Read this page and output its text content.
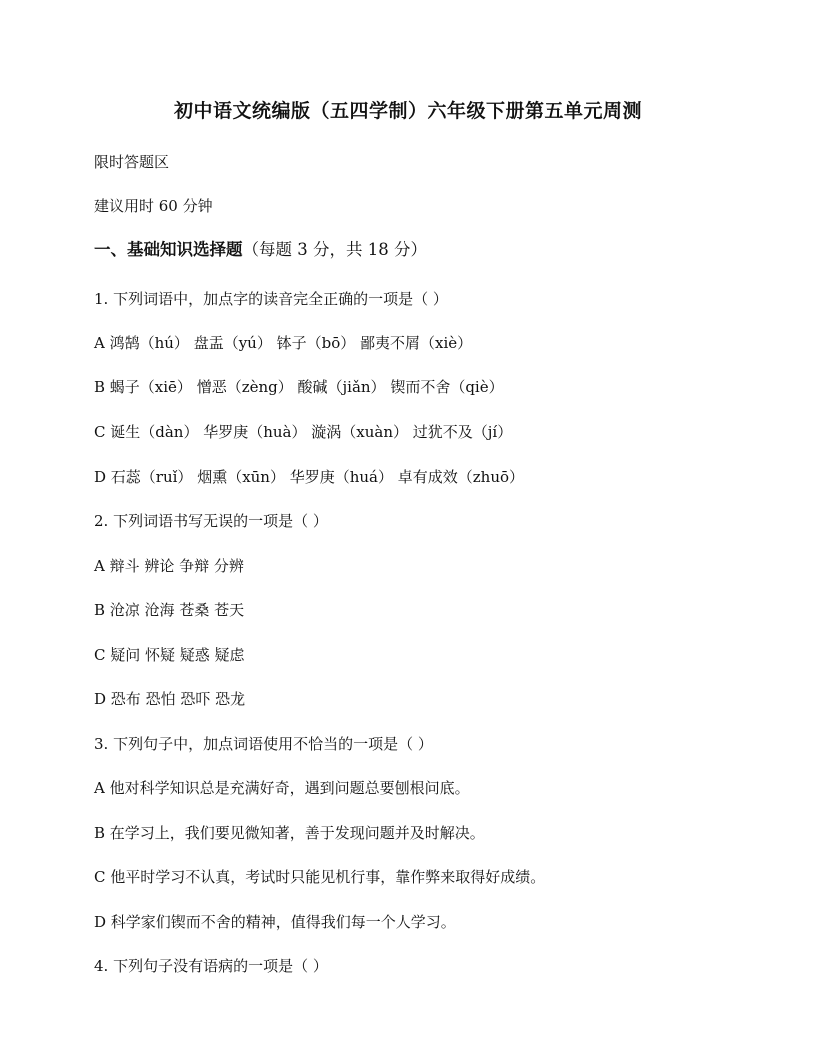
初中语文统编版（五四学制）六年级下册第五单元周测
限时答题区
建议用时 60 分钟
一、基础知识选择题（每题 3 分，共 18 分）
1. 下列词语中，加点字的读音完全正确的一项是（ ）
A 鸿鹄（hú） 盘盂（yú） 钵子（bō） 鄙夷不屑（xiè）
B 蝎子（xiē） 憎恶（zèng） 酸碱（jiǎn） 锲而不舍（qiè）
C 诞生（dàn） 华罗庚（huà） 漩涡（xuàn） 过犹不及（jí）
D 石蕊（ruǐ） 烟熏（xūn） 华罗庚（huá） 卓有成效（zhuō）
2. 下列词语书写无误的一项是（ ）
A 辩斗 辨论 争辩 分辨
B 沧凉 沧海 苍桑 苍天
C 疑问 怀疑 疑惑 疑虑
D 恐布 恐怕 恐吓 恐龙
3. 下列句子中，加点词语使用不恰当的一项是（ ）
A 他对科学知识总是充满好奇，遇到问题总要刨根问底。
B 在学习上，我们要见微知著，善于发现问题并及时解决。
C 他平时学习不认真，考试时只能见机行事，靠作弊来取得好成绩。
D 科学家们锲而不舍的精神，值得我们每一个人学习。
4. 下列句子没有语病的一项是（ ）
